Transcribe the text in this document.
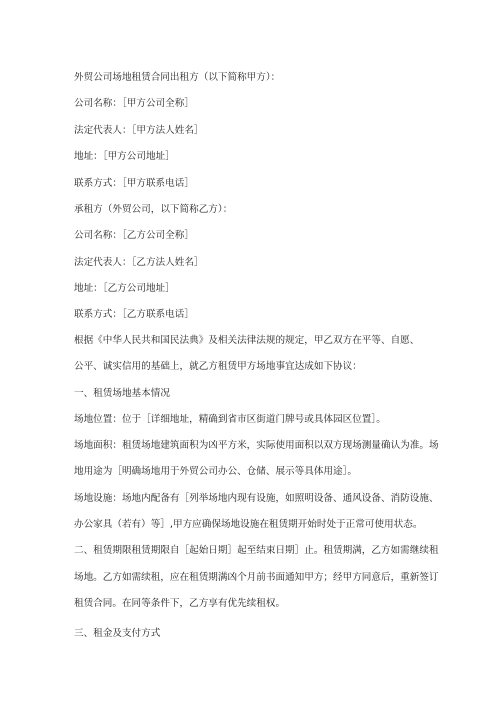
外贸公司场地租赁合同出租方（以下简称甲方）：
公司名称：［甲方公司全称］
法定代表人：［甲方法人姓名］
地址：［甲方公司地址］
联系方式：［甲方联系电话］
承租方（外贸公司，以下简称乙方）：
公司名称：［乙方公司全称］
法定代表人：［乙方法人姓名］
地址：［乙方公司地址］
联系方式：［乙方联系电话］
根据《中华人民共和国民法典》及相关法律法规的规定，甲乙双方在平等、自愿、
公平、诚实信用的基础上，就乙方租赁甲方场地事宜达成如下协议：
一、租赁场地基本情况
场地位置：位于［详细地址，精确到省市区街道门牌号或具体园区位置］。
场地面积：租赁场地建筑面积为凶平方米，实际使用面积以双方现场测量确认为准。场
地用途为［明确场地用于外贸公司办公、仓储、展示等具体用途］。
场地设施：场地内配备有［列举场地内现有设施，如照明设备、通风设备、消防设施、
办公家具（若有）等］,甲方应确保场地设施在租赁期开始时处于正常可使用状态。
二、租赁期限租赁期限自［起始日期］起至结束日期］止。租赁期满，乙方如需继续租
场地。乙方如需续租，应在租赁期满凶个月前书面通知甲方；经甲方同意后，重新签订
租赁合同。在同等条件下，乙方享有优先续租权。
三、租金及支付方式
